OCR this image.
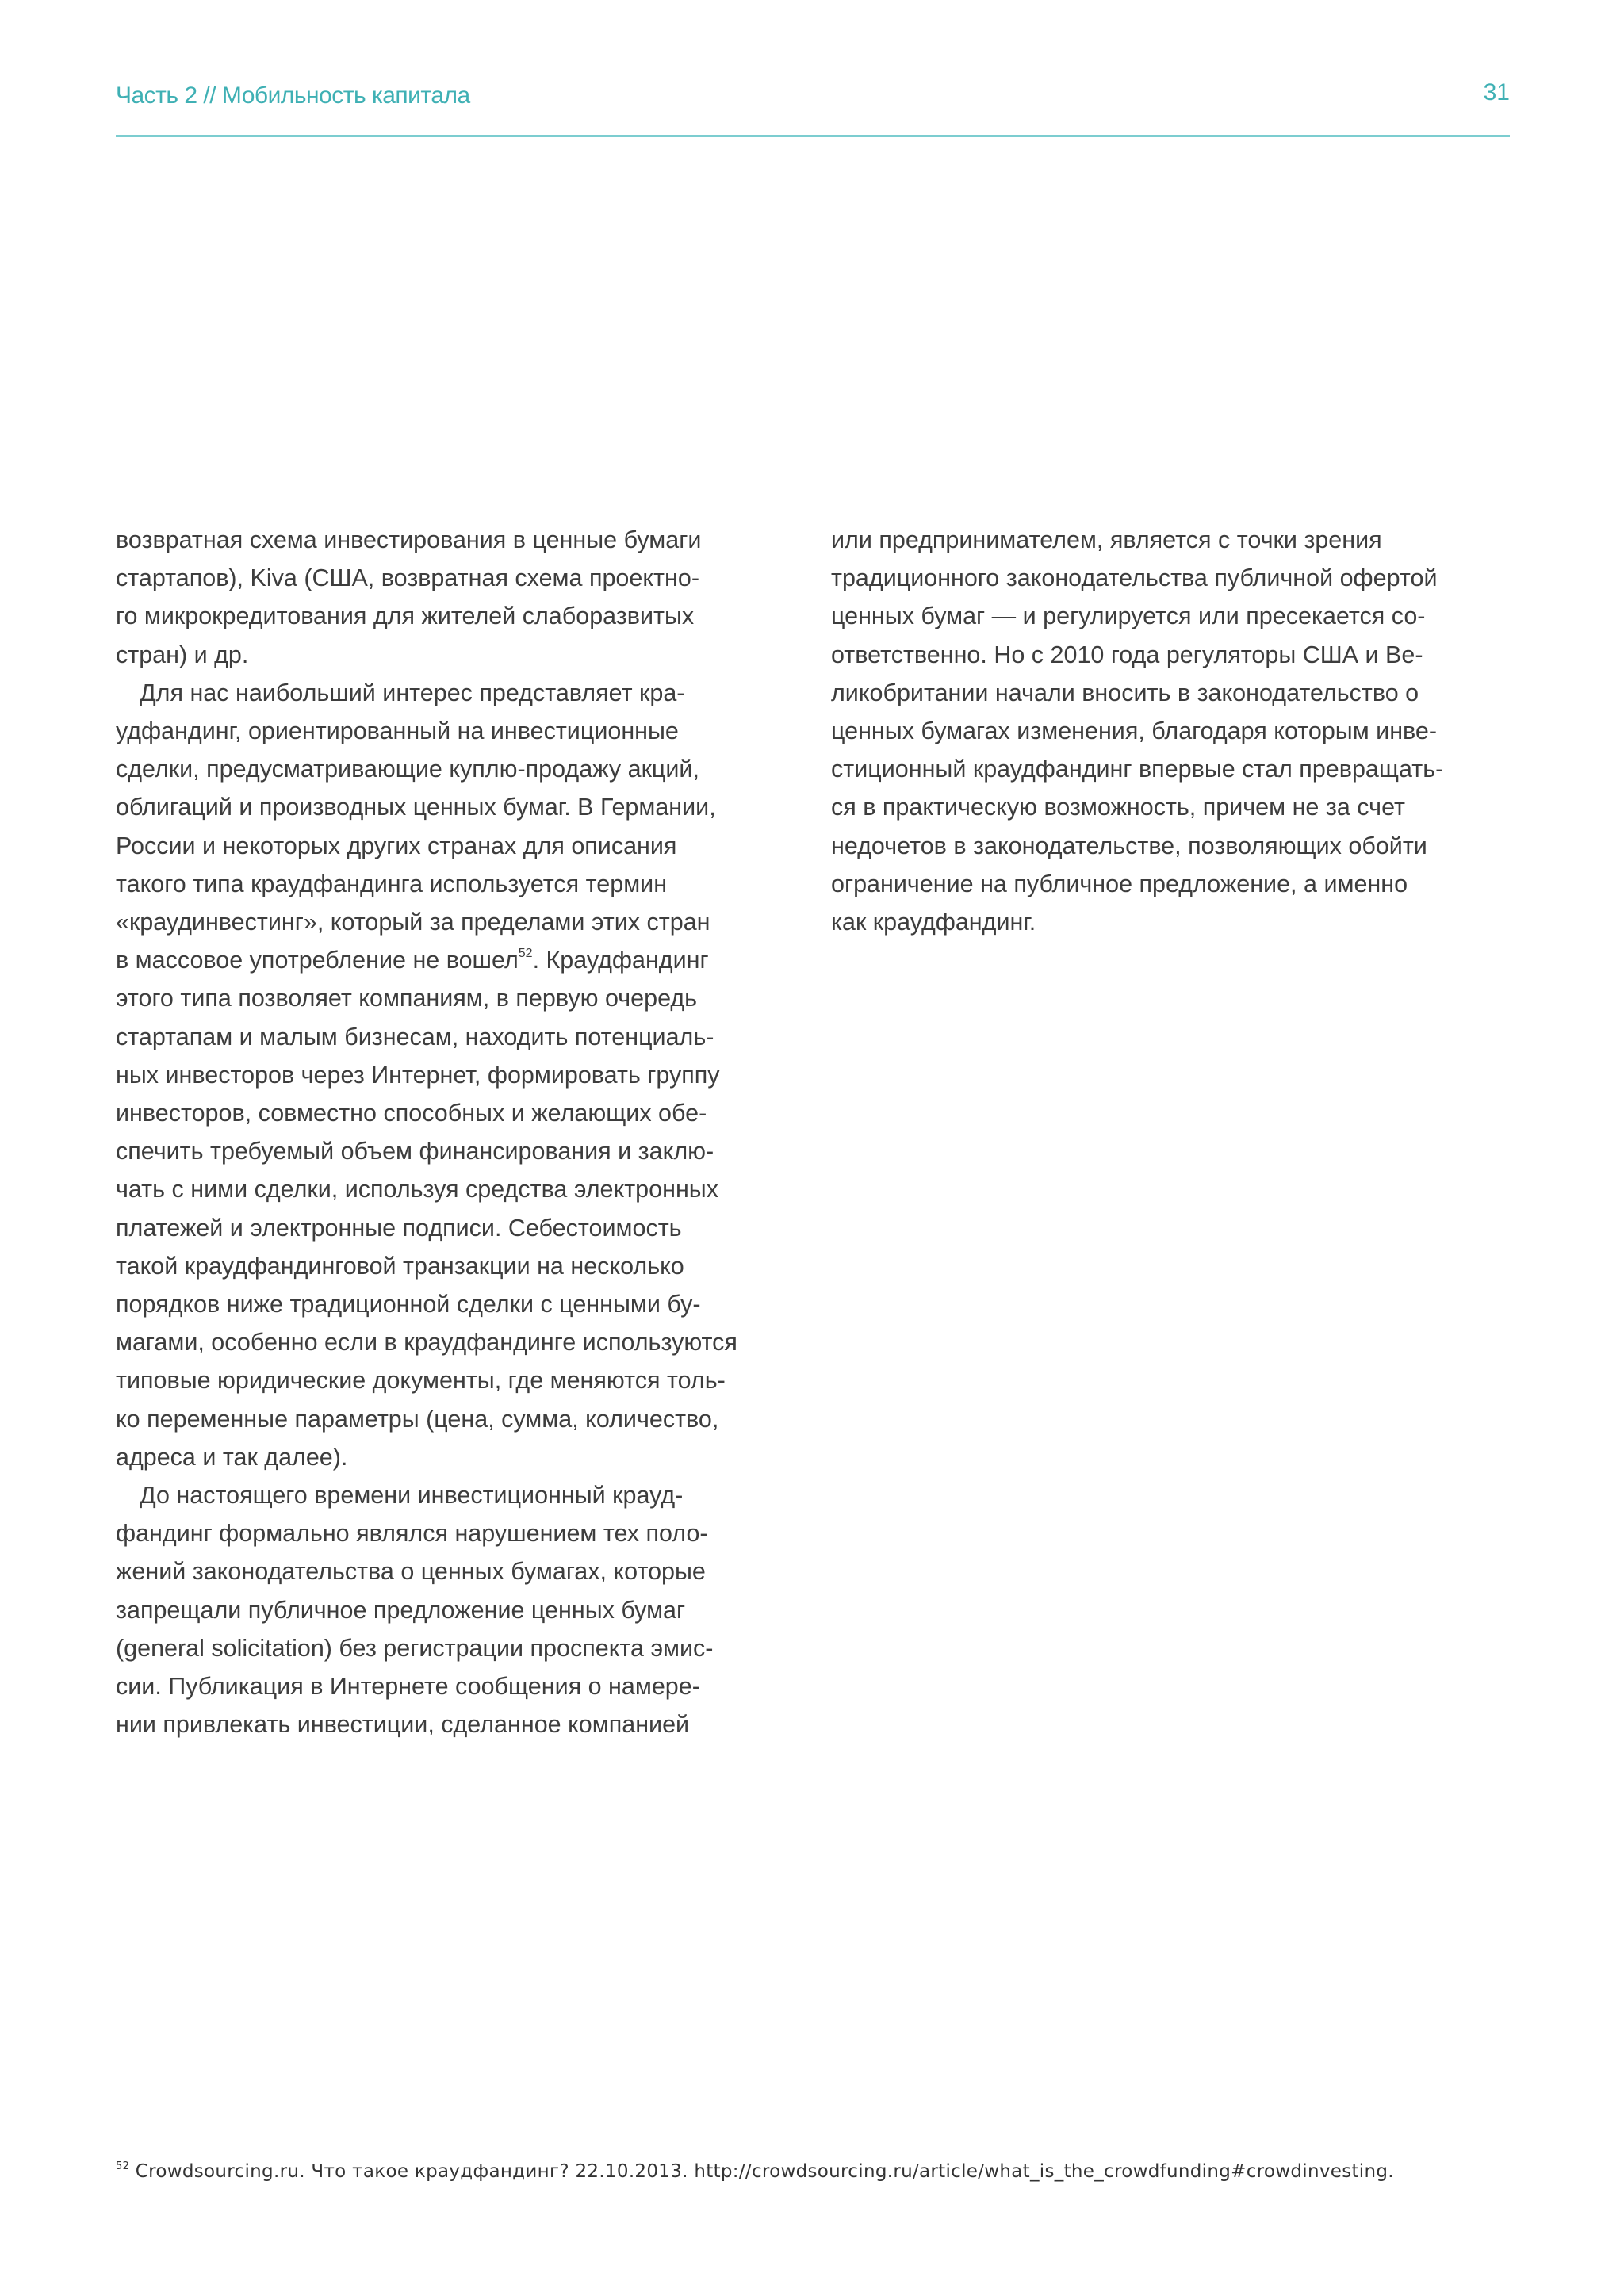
Часть 2 // Мобильность капитала	31
возвратная схема инвестирования в ценные бумаги
стартапов), Kiva (США, возвратная схема проектно-
го микрокредитования для жителей слаборазвитых
стран) и др.
Для нас наибольший интерес представляет кра-
удфандинг, ориентированный на инвестиционные
сделки, предусматривающие куплю-продажу акций,
облигаций и производных ценных бумаг. В Германии,
России и некоторых других странах для описания
такого типа краудфандинга используется термин
«краудинвестинг», который за пределами этих стран
в массовое употребление не вошел$^{52}$. Краудфандинг
этого типа позволяет компаниям, в первую очередь
стартапам и малым бизнесам, находить потенциаль-
ных инвесторов через Интернет, формировать группу
инвесторов, совместно способных и желающих обе-
спечить требуемый объем финансирования и заклю-
чать с ними сделки, используя средства электронных
платежей и электронные подписи. Себестоимость
такой краудфандинговой транзакции на несколько
порядков ниже традиционной сделки с ценными бу-
магами, особенно если в краудфандинге используются
типовые юридические документы, где меняются толь-
ко переменные параметры (цена, сумма, количество,
адреса и так далее).
До настоящего времени инвестиционный крауд-
фандинг формально являлся нарушением тех поло-
жений законодательства о ценных бумагах, которые
запрещали публичное предложение ценных бумаг
(general solicitation) без регистрации проспекта эмис-
сии. Публикация в Интернете сообщения о намере-
нии привлекать инвестиции, сделанное компанией
или предпринимателем, является с точки зрения
традиционного законодательства публичной офертой
ценных бумаг — и регулируется или пресекается со-
ответственно. Но с 2010 года регуляторы США и Ве-
ликобритании начали вносить в законодательство о
ценных бумагах изменения, благодаря которым инве-
стиционный краудфандинг впервые стал превращать-
ся в практическую возможность, причем не за счет
недочетов в законодательстве, позволяющих обойти
ограничение на публичное предложение, а именно
как краудфандинг.
$^{52}$ Crowdsourcing.ru. Что такое краудфандинг? 22.10.2013. http://crowdsourcing.ru/article/what_is_the_crowdfunding#crowdinvesting.
